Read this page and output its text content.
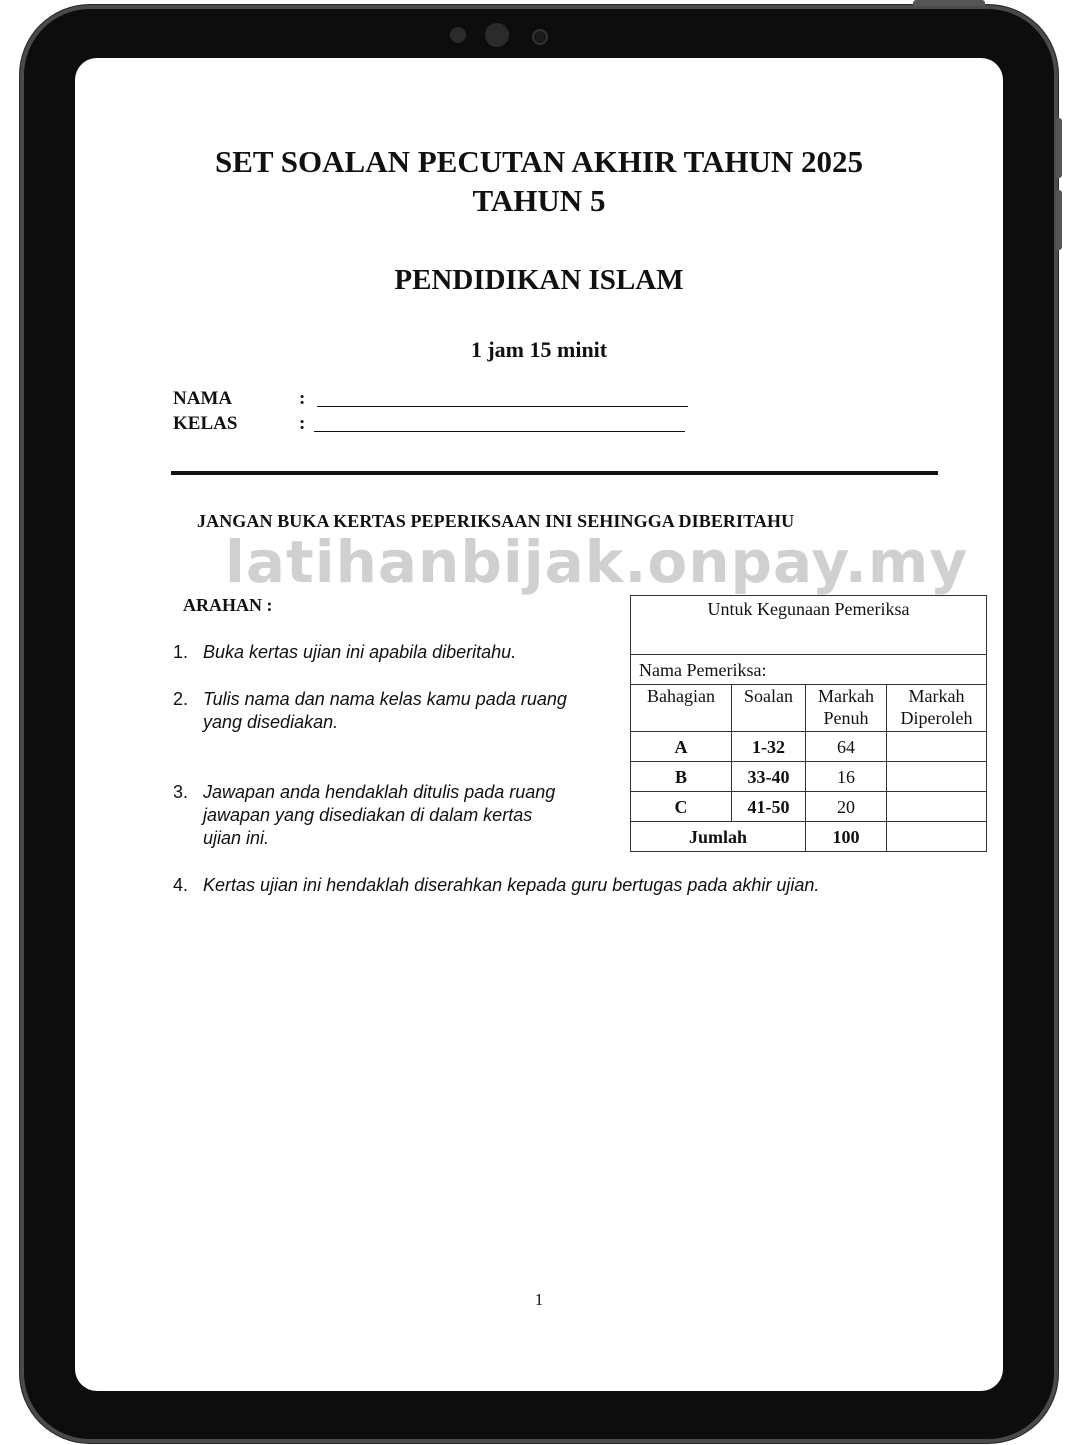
SET SOALAN PECUTAN AKHIR TAHUN 2025
TAHUN 5
PENDIDIKAN ISLAM
1 jam 15 minit
NAMA	:
KELAS	:
JANGAN BUKA KERTAS PEPERIKSAAN INI SEHINGGA DIBERITAHU
latihanbijak.onpay.my
ARAHAN :
1. Buka kertas ujian ini apabila diberitahu.
2. Tulis nama dan nama kelas kamu pada ruang
yang disediakan.
3. Jawapan anda hendaklah ditulis pada ruang
jawapan yang disediakan di dalam kertas
ujian ini.
4. Kertas ujian ini hendaklah diserahkan kepada guru bertugas pada akhir ujian.
Untuk Kegunaan Pemeriksa			
Nama Pemeriksa:			
Bahagian	Soalan	Markah Penuh	Markah Diperoleh
A	1-32	64	
B	33-40	16	
C	41-50	20	
Jumlah		100	
1
